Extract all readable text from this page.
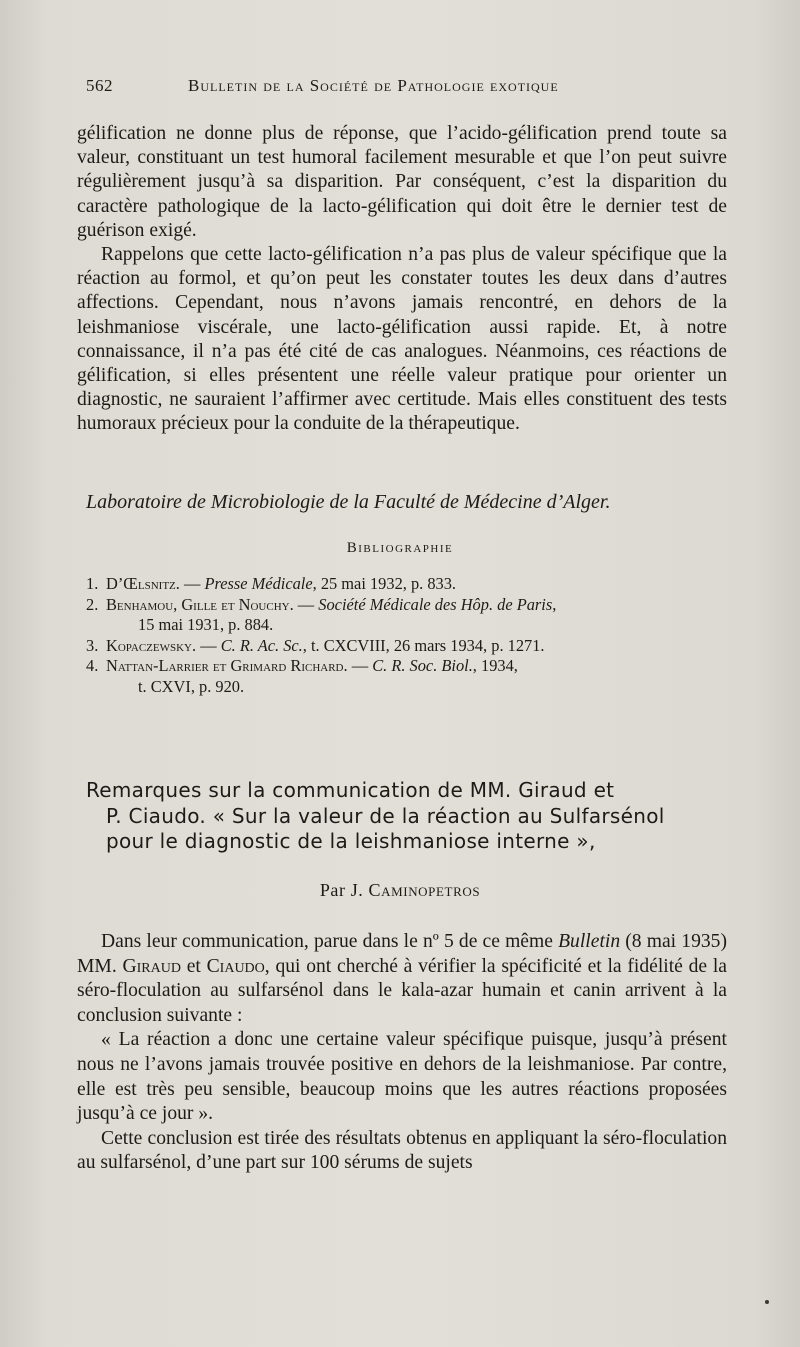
562	Bulletin de la Société de Pathologie exotique

gélification ne donne plus de réponse, que l’acido-gélification prend toute sa valeur, constituant un test humoral facilement mesurable et que l’on peut suivre régulièrement jusqu’à sa disparition. Par conséquent, c’est la disparition du caractère pathologique de la lacto-gélification qui doit être le dernier test de guérison exigé.

Rappelons que cette lacto-gélification n’a pas plus de valeur spécifique que la réaction au formol, et qu’on peut les constater toutes les deux dans d’autres affections. Cependant, nous n’avons jamais rencontré, en dehors de la leishmaniose viscérale, une lacto-gélification aussi rapide. Et, à notre connaissance, il n’a pas été cité de cas analogues. Néanmoins, ces réactions de gélification, si elles présentent une réelle valeur pratique pour orienter un diagnostic, ne sauraient l’affirmer avec certitude. Mais elles constituent des tests humoraux précieux pour la conduite de la thérapeutique.

Laboratoire de Microbiologie de la Faculté de Médecine d’Alger.
Bibliographie

1. D’Œlsnitz. — Presse Médicale, 25 mai 1932, p. 833.

2. Benhamou, Gille et Nouchy. — Société Médicale des Hôp. de Paris,
15 mai 1931, p. 884.

3. Kopaczewsky. — C. R. Ac. Sc., t. CXCVIII, 26 mars 1934, p. 1271.

4. Nattan-Larrier et Grimard Richard. — C. R. Soc. Biol., 1934,
t. CXVI, p. 920.

Remarques sur la communication de MM. Giraud et
P. Ciaudo. « Sur la valeur de la réaction au Sulfarsénol
pour le diagnostic de la leishmaniose interne »,
Par J. Caminopetros

Dans leur communication, parue dans le nº 5 de ce même Bulletin (8 mai 1935) MM. Giraud et Ciaudo, qui ont cherché à vérifier la spécificité et la fidélité de la séro-floculation au sulfarsénol dans le kala-azar humain et canin arrivent à la conclusion suivante :

« La réaction a donc une certaine valeur spécifique puisque, jusqu’à présent nous ne l’avons jamais trouvée positive en dehors de la leishmaniose. Par contre, elle est très peu sensible, beaucoup moins que les autres réactions proposées jusqu’à ce jour ».

Cette conclusion est tirée des résultats obtenus en appliquant la séro-floculation au sulfarsénol, d’une part sur 100 sérums de sujets
